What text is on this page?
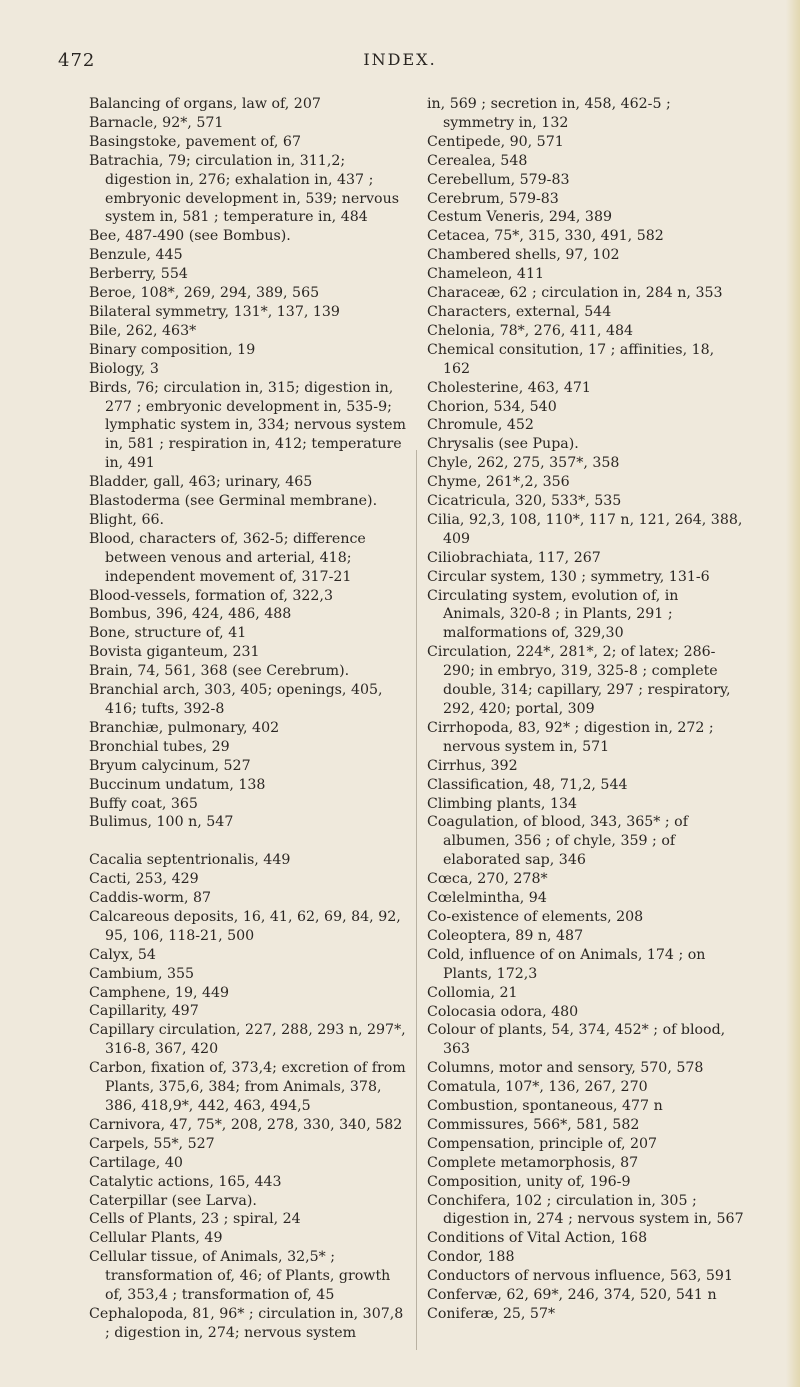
472	INDEX.

Balancing of organs, law of, 207

Barnacle, 92*, 571

Basingstoke, pavement of, 67

Batrachia, 79; circulation in, 311,2; digestion in, 276; exhalation in, 437 ; embryonic development in, 539; nervous system in, 581 ; temperature in, 484

Bee, 487-490 (see Bombus).

Benzule, 445

Berberry, 554

Beroe, 108*, 269, 294, 389, 565

Bilateral symmetry, 131*, 137, 139

Bile, 262, 463*

Binary composition, 19

Biology, 3

Birds, 76; circulation in, 315; digestion in, 277 ; embryonic development in, 535-9; lymphatic system in, 334; nervous system in, 581 ; respiration in, 412; temperature in, 491

Bladder, gall, 463; urinary, 465

Blastoderma (see Germinal membrane).

Blight, 66.

Blood, characters of, 362-5; difference between venous and arterial, 418; independent movement of, 317-21

Blood-vessels, formation of, 322,3

Bombus, 396, 424, 486, 488

Bone, structure of, 41

Bovista giganteum, 231

Brain, 74, 561, 368 (see Cerebrum).

Branchial arch, 303, 405; openings, 405, 416; tufts, 392-8

Branchiæ, pulmonary, 402

Bronchial tubes, 29

Bryum calycinum, 527

Buccinum undatum, 138

Buffy coat, 365

Bulimus, 100 n, 547

Cacalia septentrionalis, 449

Cacti, 253, 429

Caddis-worm, 87

Calcareous deposits, 16, 41, 62, 69, 84, 92, 95, 106, 118-21, 500

Calyx, 54

Cambium, 355

Camphene, 19, 449

Capillarity, 497

Capillary circulation, 227, 288, 293 n, 297*, 316-8, 367, 420

Carbon, fixation of, 373,4; excretion of from Plants, 375,6, 384; from Animals, 378, 386, 418,9*, 442, 463, 494,5

Carnivora, 47, 75*, 208, 278, 330, 340, 582

Carpels, 55*, 527

Cartilage, 40

Catalytic actions, 165, 443

Caterpillar (see Larva).

Cells of Plants, 23 ; spiral, 24

Cellular Plants, 49

Cellular tissue, of Animals, 32,5* ; transformation of, 46; of Plants, growth of, 353,4 ; transformation of, 45

Cephalopoda, 81, 96* ; circulation in, 307,8 ; digestion in, 274; nervous system

in, 569 ; secretion in, 458, 462-5 ; symmetry in, 132

Centipede, 90, 571

Cerealea, 548

Cerebellum, 579-83

Cerebrum, 579-83

Cestum Veneris, 294, 389

Cetacea, 75*, 315, 330, 491, 582

Chambered shells, 97, 102

Chameleon, 411

Characeæ, 62 ; circulation in, 284 n, 353

Characters, external, 544

Chelonia, 78*, 276, 411, 484

Chemical consitution, 17 ; affinities, 18, 162

Cholesterine, 463, 471

Chorion, 534, 540

Chromule, 452

Chrysalis (see Pupa).

Chyle, 262, 275, 357*, 358

Chyme, 261*,2, 356

Cicatricula, 320, 533*, 535

Cilia, 92,3, 108, 110*, 117 n, 121, 264, 388, 409

Ciliobrachiata, 117, 267

Circular system, 130 ; symmetry, 131-6

Circulating system, evolution of, in Animals, 320-8 ; in Plants, 291 ; malformations of, 329,30

Circulation, 224*, 281*, 2; of latex; 286-290; in embryo, 319, 325-8 ; complete double, 314; capillary, 297 ; respiratory, 292, 420; portal, 309

Cirrhopoda, 83, 92* ; digestion in, 272 ; nervous system in, 571

Cirrhus, 392

Classification, 48, 71,2, 544

Climbing plants, 134

Coagulation, of blood, 343, 365* ; of albumen, 356 ; of chyle, 359 ; of elaborated sap, 346

Cœca, 270, 278*

Cœlelmintha, 94

Co-existence of elements, 208

Coleoptera, 89 n, 487

Cold, influence of on Animals, 174 ; on Plants, 172,3

Collomia, 21

Colocasia odora, 480

Colour of plants, 54, 374, 452* ; of blood, 363

Columns, motor and sensory, 570, 578

Comatula, 107*, 136, 267, 270

Combustion, spontaneous, 477 n

Commissures, 566*, 581, 582

Compensation, principle of, 207

Complete metamorphosis, 87

Composition, unity of, 196-9

Conchifera, 102 ; circulation in, 305 ; digestion in, 274 ; nervous system in, 567

Conditions of Vital Action, 168

Condor, 188

Conductors of nervous influence, 563, 591

Confervæ, 62, 69*, 246, 374, 520, 541 n

Coniferæ, 25, 57*
